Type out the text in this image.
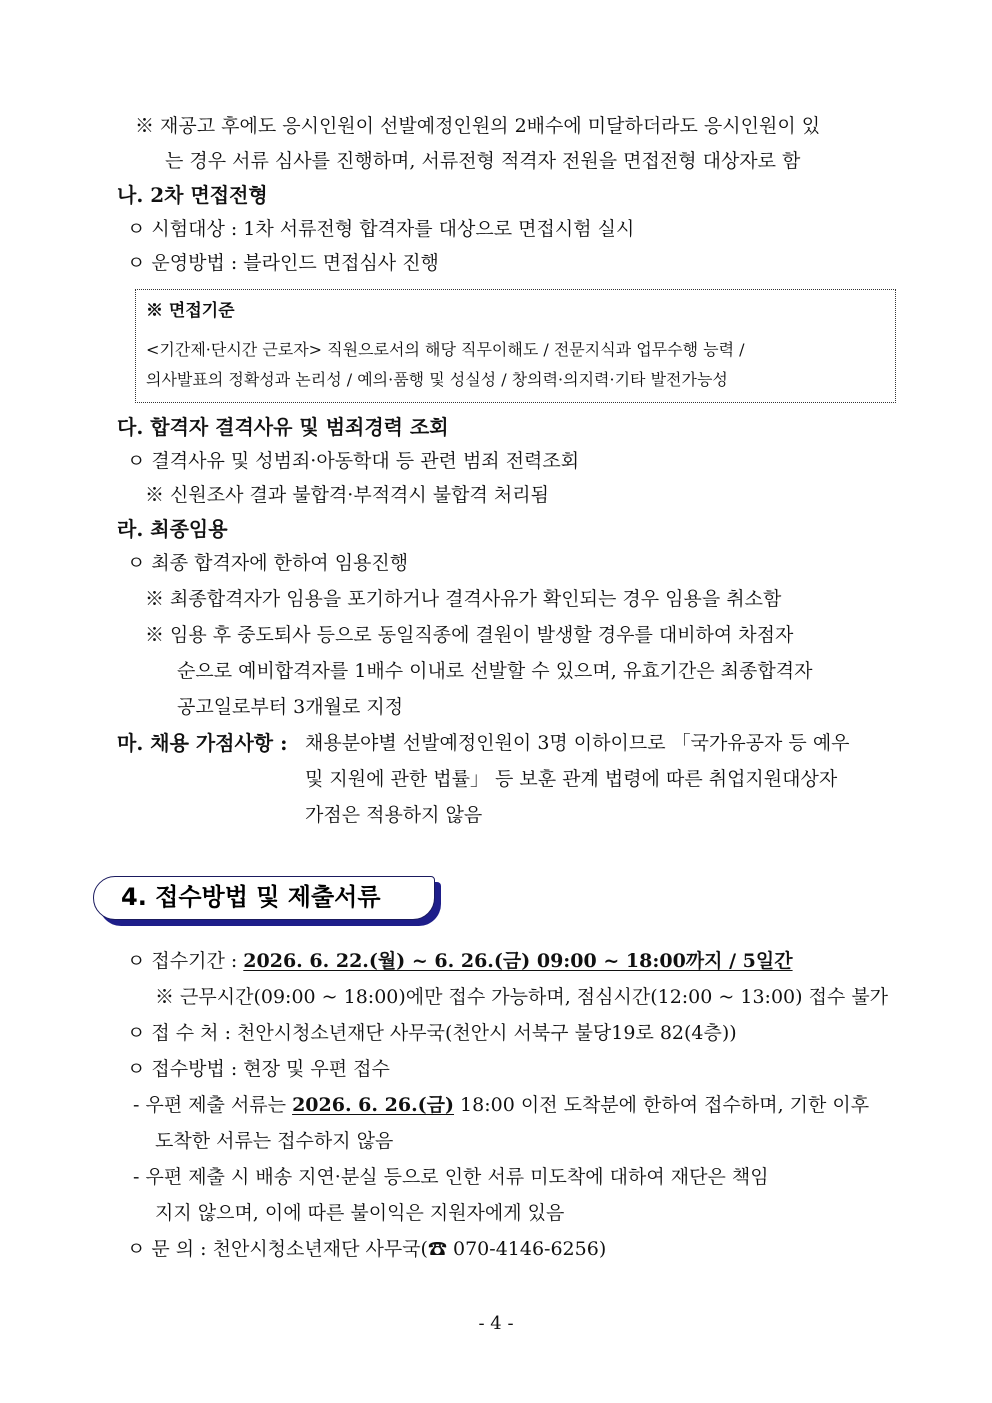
※ 재공고 후에도 응시인원이 선발예정인원의 2배수에 미달하더라도 응시인원이 있
는 경우 서류 심사를 진행하며, 서류전형 적격자 전원을 면접전형 대상자로 함
나. 2차 면접전형
ㅇ 시험대상 : 1차 서류전형 합격자를 대상으로 면접시험 실시
ㅇ 운영방법 : 블라인드 면접심사 진행
※ 면접기준
<기간제·단시간 근로자> 직원으로서의 해당 직무이해도 / 전문지식과 업무수행 능력 /
의사발표의 정확성과 논리성 / 예의·품행 및 성실성 / 창의력·의지력·기타 발전가능성
다. 합격자 결격사유 및 범죄경력 조회
ㅇ 결격사유 및 성범죄·아동학대 등 관련 범죄 전력조회
※ 신원조사 결과 불합격·부적격시 불합격 처리됨
라. 최종임용
ㅇ 최종 합격자에 한하여 임용진행
※ 최종합격자가 임용을 포기하거나 결격사유가 확인되는 경우 임용을 취소함
※ 임용 후 중도퇴사 등으로 동일직종에 결원이 발생할 경우를 대비하여 차점자
순으로 예비합격자를 1배수 이내로 선발할 수 있으며, 유효기간은 최종합격자
공고일로부터 3개월로 지정
마. 채용 가점사항 : 채용분야별 선발예정인원이 3명 이하이므로 「국가유공자 등 예우
및 지원에 관한 법률」 등 보훈 관계 법령에 따른 취업지원대상자
가점은 적용하지 않음
4. 접수방법 및 제출서류
ㅇ 접수기간 : 2026. 6. 22.(월) ~ 6. 26.(금) 09:00 ~ 18:00까지 / 5일간
※ 근무시간(09:00 ~ 18:00)에만 접수 가능하며, 점심시간(12:00 ~ 13:00) 접수 불가
ㅇ 접 수 처 : 천안시청소년재단 사무국(천안시 서북구 불당19로 82(4층))
ㅇ 접수방법 : 현장 및 우편 접수
- 우편 제출 서류는 2026. 6. 26.(금) 18:00 이전 도착분에 한하여 접수하며, 기한 이후
도착한 서류는 접수하지 않음
- 우편 제출 시 배송 지연·분실 등으로 인한 서류 미도착에 대하여 재단은 책임
지지 않으며, 이에 따른 불이익은 지원자에게 있음
ㅇ 문 의 : 천안시청소년재단 사무국(☎ 070-4146-6256)
- 4 -
